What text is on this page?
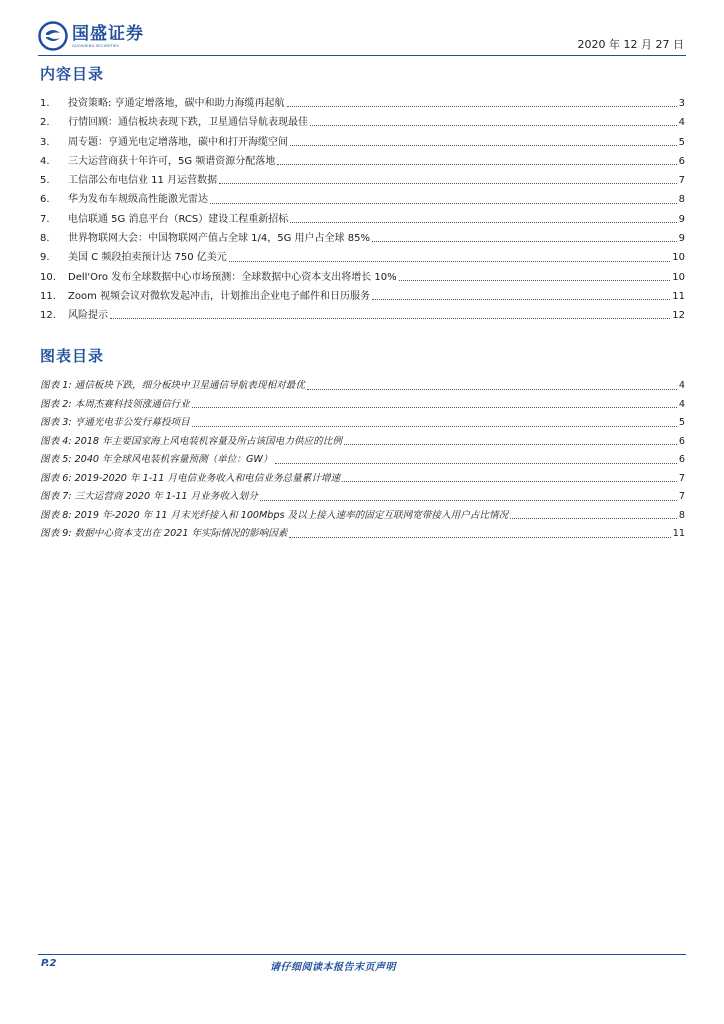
国盛证券
GUOSHENG SECURITIES	2020 年 12 月 27 日
内容目录
1.	投资策略: 亨通定增落地，碳中和助力海缆再起航	3
2.	行情回顾：通信板块表现下跌，卫星通信导航表现最佳	4
3.	周专题：亨通光电定增落地，碳中和打开海缆空间	5
4.	三大运营商获十年许可，5G 频谱资源分配落地	6
5.	工信部公布电信业 11 月运营数据	7
6.	华为发布车规级高性能激光雷达	8
7.	电信联通 5G 消息平台（RCS）建设工程重新招标	9
8.	世界物联网大会：中国物联网产值占全球 1/4，5G 用户占全球 85%	9
9.	美国 C 频段拍卖预计达 750 亿美元	10
10.	Dell'Oro 发布全球数据中心市场预测：全球数据中心资本支出将增长 10%	10
11.	Zoom 视频会议对微软发起冲击，计划推出企业电子邮件和日历服务	11
12.	风险提示	12
图表目录
图表 1: 通信板块下跌，细分板块中卫星通信导航表现相对最优	4
图表 2: 本周杰赛科技领涨通信行业	4
图表 3: 亨通光电非公发行募投项目	5
图表 4: 2018 年主要国家海上风电装机容量及所占该国电力供应的比例	6
图表 5: 2040 年全球风电装机容量预测（单位：GW）	6
图表 6: 2019-2020 年 1-11 月电信业务收入和电信业务总量累计增速	7
图表 7: 三大运营商 2020 年 1-11 月业务收入划分	7
图表 8: 2019 年-2020 年 11 月末光纤接入和 100Mbps 及以上接入速率的固定互联网宽带接入用户占比情况	8
图表 9: 数据中心资本支出在 2021 年实际情况的影响因素	11
P.2	请仔细阅读本报告末页声明
